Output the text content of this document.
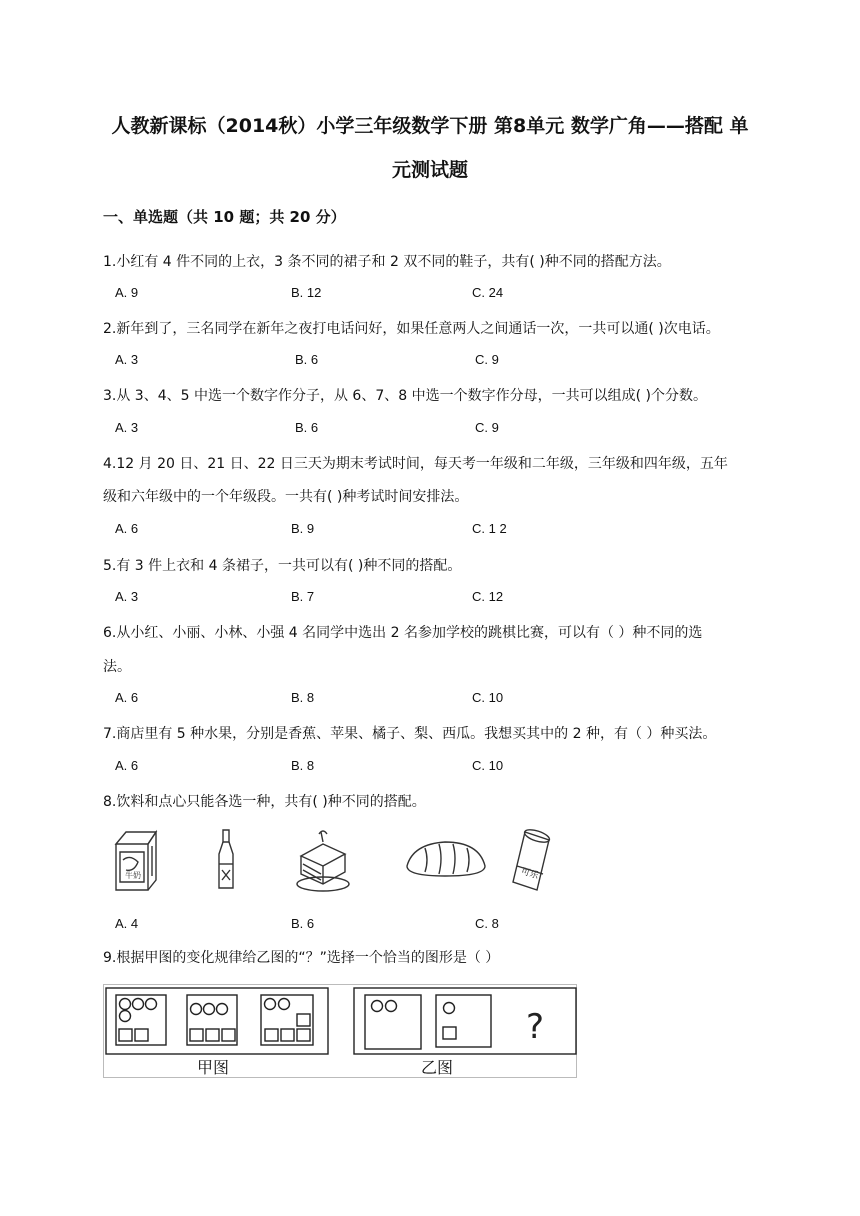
人教新课标（2014秋）小学三年级数学下册 第8单元 数学广角——搭配 单
元测试题
一、单选题（共 10 题；共 20 分）
1.小红有 4 件不同的上衣，3 条不同的裙子和 2 双不同的鞋子，共有( )种不同的搭配方法。
A. 9	B. 12	C. 24
2.新年到了，三名同学在新年之夜打电话问好，如果任意两人之间通话一次，一共可以通( )次电话。
A. 3	B. 6	C. 9
3.从 3、4、5 中选一个数字作分子，从 6、7、8 中选一个数字作分母，一共可以组成( )个分数。
A. 3	B. 6	C. 9
4.12 月 20 日、21 日、22 日三天为期末考试时间，每天考一年级和二年级，三年级和四年级，五年
级和六年级中的一个年级段。一共有( )种考试时间安排法。
A. 6	B. 9	C. 1 2
5.有 3 件上衣和 4 条裙子，一共可以有( )种不同的搭配。
A. 3	B. 7	C. 12
6.从小红、小丽、小林、小强 4 名同学中选出 2 名参加学校的跳棋比赛，可以有（ ）种不同的选
法。
A. 6	B. 8	C. 10
7.商店里有 5 种水果，分别是香蕉、苹果、橘子、梨、西瓜。我想买其中的 2 种，有（ ）种买法。
A. 6	B. 8	C. 10
8.饮料和点心只能各选一种，共有( )种不同的搭配。
牛奶	可乐
A. 4	B. 6	C. 8
9.根据甲图的变化规律给乙图的“？”选择一个恰当的图形是（ ）
?
甲图	乙图
